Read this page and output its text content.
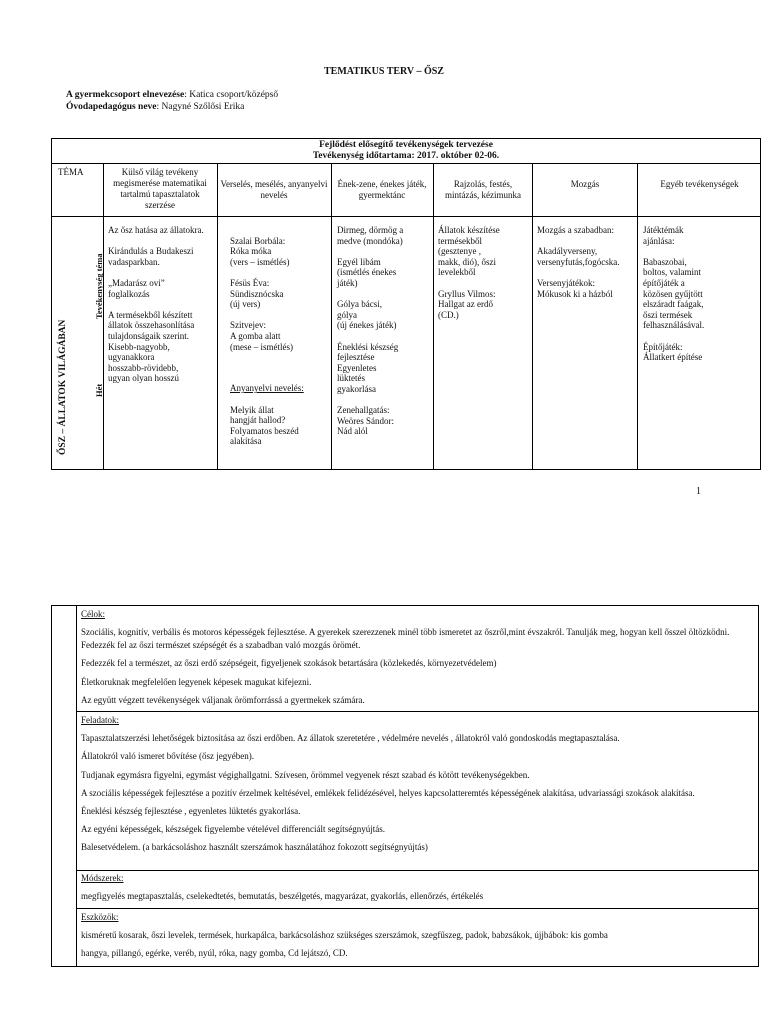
TEMATIKUS TERV – ŐSZ
A gyermekcsoport elnevezése: Katica csoport/középső
Óvodapedagógus neve: Nagyné Szőlősi Erika
Fejlődést elősegítő tevékenységek tervezése
Tevékenység időtartama: 2017. október 02-06.
TÉMA	Külső világ tevékeny megismerése matematikai tartalmú tapasztalatok szerzése
Verselés, mesélés, anyanyelvi nevelés
Ének-zene, énekes játék, gyermektánc
Rajzolás, festés, mintázás, kézimunka
Mozgás	Egyéb tevékenységek
ŐSZ – ÁLLATOK VILÁGÁBAN
Tevékenység téma
Hét
Az ősz hatása az állatokra.

Kirándulás a Budakeszi vadasparkban.

„Madarász ovi”
foglalkozás

A termésekből készített állatok összehasonlítása tulajdonságaik szerint.
Kisebb-nagyobb,
ugyanakkora
hosszabb-rövidebb,
ugyan olyan hosszú

Szalai Borbála:
Róka móka
(vers – ismétlés)

Fésüs Éva:
Sündisznócska
(új vers)

Szitvejev:
A gomba alatt
(mese – ismétlés)

Anyanyelvi nevelés:

Melyik állat
hangját hallod?
Folyamatos beszéd
alakítása

Dirmeg, dörmög a
medve (mondóka)

Egyél libám
(ismétlés énekes
játék)

Gólya bácsi,
gólya
(új énekes játék)

Éneklési készség
fejlesztése
Egyenletes
lüktetés
gyakorlása

Zenehallgatás:
Weöres Sándor:
Nád alól
Állatok készítése
termésekből
(gesztenye ,
makk, dió), őszi
levelekből

Gryllus Vilmos:
Hallgat az erdő
(CD.)
Mozgás a szabadban:

Akadályverseny,
versenyfutás,fogócska.

Versenyjátékok:
Mókusok ki a házból
Játéktémák
ajánlása:

Babaszobai,
boltos, valamint
építőjáték a
közösen gyűjtött
elszáradt faágak,
őszi termések
felhasználásával.

Építőjáték:
Állatkert építése
1

Célok:

Szociális, kognitív, verbális és motoros képességek fejlesztése. A gyerekek szerezzenek minél több ismeretet az őszről,mint évszakról. Tanulják meg, hogyan kell ősszel öltözködni. Fedezzék fel az őszi természet szépségét és a szabadban való mozgás örömét.

Fedezzék fel a természet, az őszi erdő szépségeit, figyeljenek szokások betartására (közlekedés, környezetvédelem)

Életkoruknak megfelelően legyenek képesek magukat kifejezni.

Az együtt végzett tevékenységek váljanak örömforrássá a gyermekek számára.

Feladatok:

Tapasztalatszerzési lehetőségek biztosítása az őszi erdőben. Az állatok szeretetére , védelmére nevelés , állatokról való gondoskodás megtapasztalása.

Állatokról való ismeret bővítése (ősz jegyében).

Tudjanak egymásra figyelni, egymást végighallgatni. Szívesen, örömmel vegyenek részt szabad és kötött tevékenységekben.

A szociális képességek fejlesztése a pozitív érzelmek keltésével, emlékek felidézésével, helyes kapcsolatteremtés képességének alakítása, udvariassági szokások alakítása.

Éneklési készség fejlesztése , egyenletes lüktetés gyakorlása.

Az egyéni képességek, készségek figyelembe vételével differenciált segítségnyújtás.

Balesetvédelem. (a barkácsoláshoz használt szerszámok használatához fokozott segítségnyújtás)

Módszerek:

megfigyelés megtapasztalás, cselekedtetés, bemutatás, beszélgetés, magyarázat, gyakorlás, ellenőrzés, értékelés

Eszközök:

kisméretű kosarak, őszi levelek, termések, hurkapálca, barkácsoláshoz szükséges szerszámok, szegfűszeg, padok, babzsákok, újjbábok: kis gomba

hangya, pillangó, egérke, veréb, nyúl, róka, nagy gomba, Cd lejátszó, CD.
